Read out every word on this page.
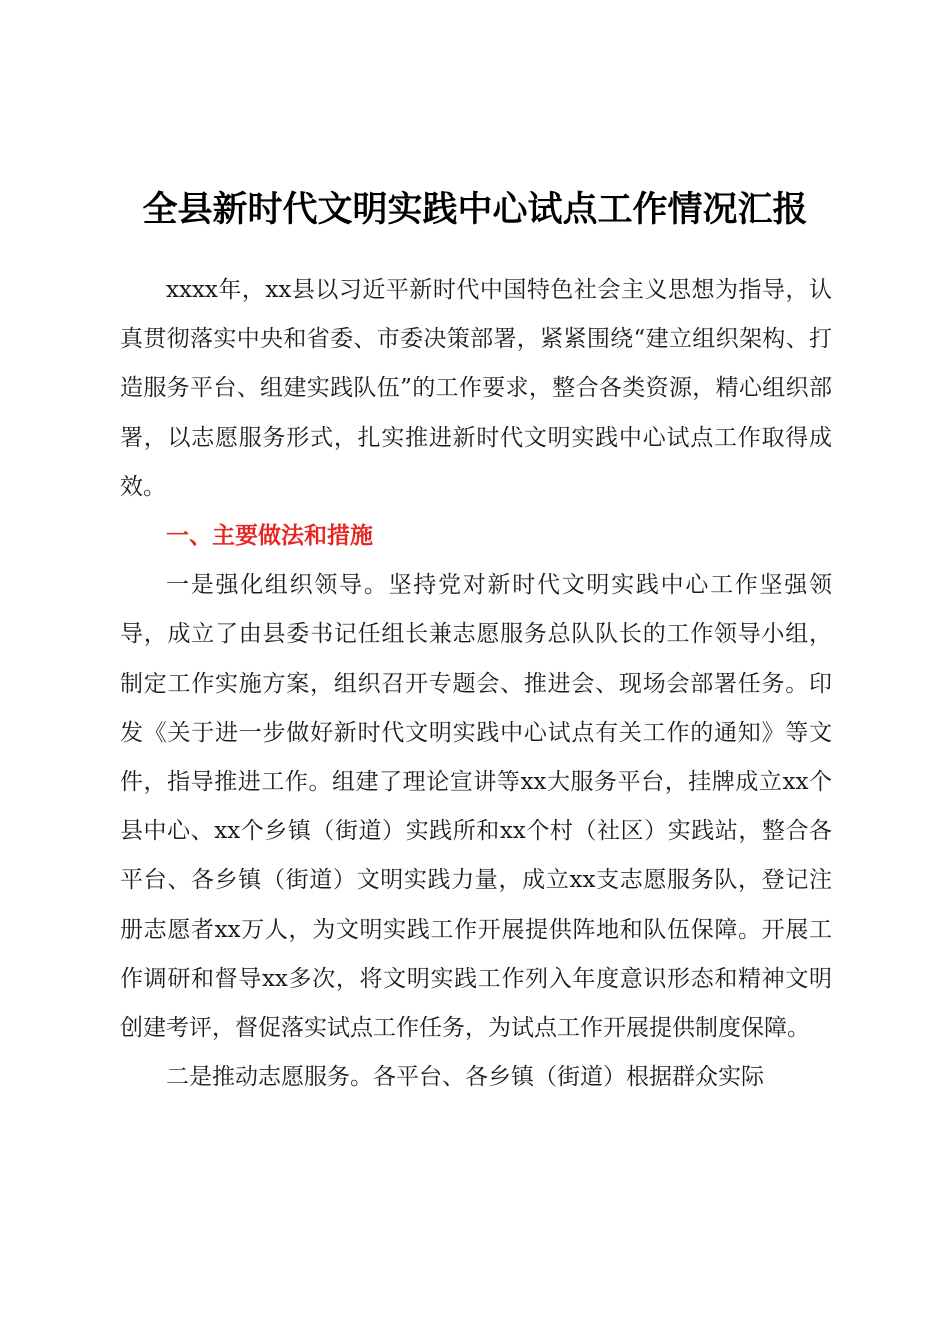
全县新时代文明实践中心试点工作情况汇报

xxxx年，xx县以习近平新时代中国特色社会主义思想为指导，认真贯彻落实中央和省委、市委决策部署，紧紧围绕“建立组织架构、打造服务平台、组建实践队伍”的工作要求，整合各类资源，精心组织部署，以志愿服务形式，扎实推进新时代文明实践中心试点工作取得成效。

一、主要做法和措施

一是强化组织领导。坚持党对新时代文明实践中心工作坚强领导，成立了由县委书记任组长兼志愿服务总队队长的工作领导小组，制定工作实施方案，组织召开专题会、推进会、现场会部署任务。印发《关于进一步做好新时代文明实践中心试点有关工作的通知》等文件，指导推进工作。组建了理论宣讲等xx大服务平台，挂牌成立xx个县中心、xx个乡镇（街道）实践所和xx个村（社区）实践站，整合各平台、各乡镇（街道）文明实践力量，成立xx支志愿服务队，登记注册志愿者xx万人，为文明实践工作开展提供阵地和队伍保障。开展工作调研和督导xx多次，将文明实践工作列入年度意识形态和精神文明创建考评，督促落实试点工作任务，为试点工作开展提供制度保障。

二是推动志愿服务。各平台、各乡镇（街道）根据群众实际
